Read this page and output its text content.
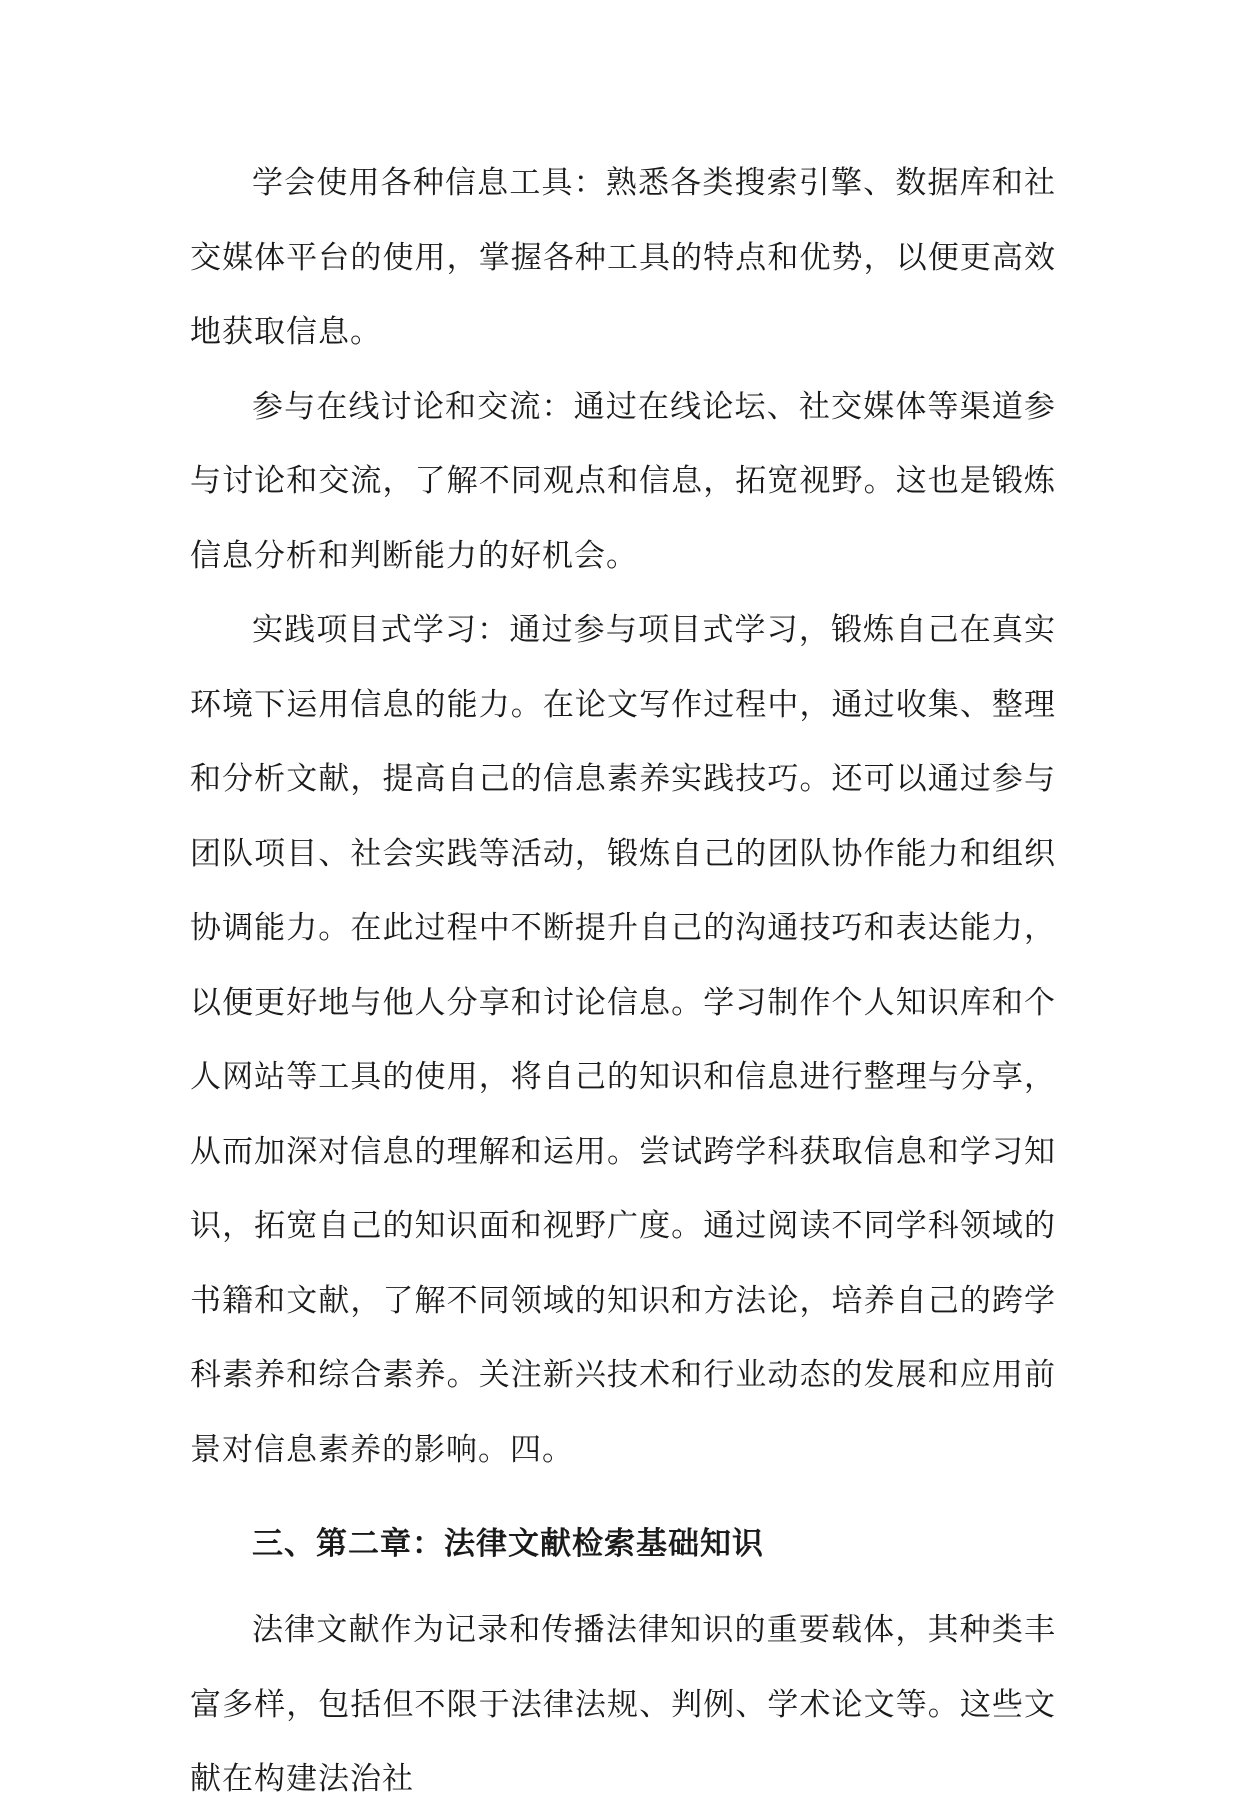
学会使用各种信息工具：熟悉各类搜索引擎、数据库和社交媒体平台的使用，掌握各种工具的特点和优势，以便更高效地获取信息。

参与在线讨论和交流：通过在线论坛、社交媒体等渠道参与讨论和交流，了解不同观点和信息，拓宽视野。这也是锻炼信息分析和判断能力的好机会。

实践项目式学习：通过参与项目式学习，锻炼自己在真实环境下运用信息的能力。在论文写作过程中，通过收集、整理和分析文献，提高自己的信息素养实践技巧。还可以通过参与团队项目、社会实践等活动，锻炼自己的团队协作能力和组织协调能力。在此过程中不断提升自己的沟通技巧和表达能力，以便更好地与他人分享和讨论信息。学习制作个人知识库和个人网站等工具的使用，将自己的知识和信息进行整理与分享，从而加深对信息的理解和运用。尝试跨学科获取信息和学习知识，拓宽自己的知识面和视野广度。通过阅读不同学科领域的书籍和文献，了解不同领域的知识和方法论，培养自己的跨学科素养和综合素养。关注新兴技术和行业动态的发展和应用前景对信息素养的影响。四。

三、第二章：法律文献检索基础知识

法律文献作为记录和传播法律知识的重要载体，其种类丰富多样，包括但不限于法律法规、判例、学术论文等。这些文献在构建法治社
